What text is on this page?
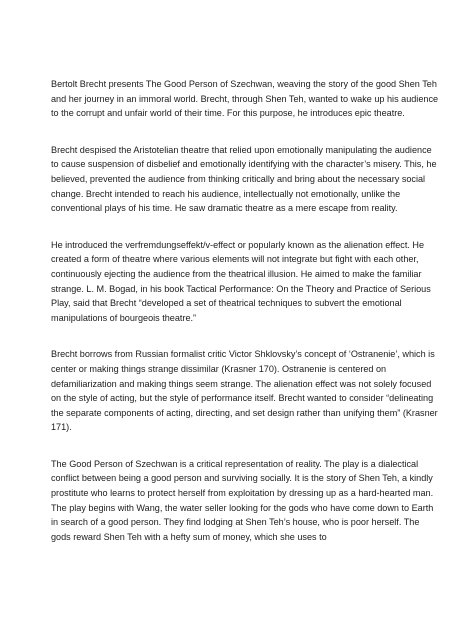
Bertolt Brecht presents The Good Person of Szechwan, weaving the story of the good Shen Teh and her journey in an immoral world. Brecht, through Shen Teh, wanted to wake up his audience to the corrupt and unfair world of their time. For this purpose, he introduces epic theatre.

Brecht despised the Aristotelian theatre that relied upon emotionally manipulating the audience to cause suspension of disbelief and emotionally identifying with the character’s misery. This, he believed, prevented the audience from thinking critically and bring about the necessary social change. Brecht intended to reach his audience, intellectually not emotionally, unlike the conventional plays of his time. He saw dramatic theatre as a mere escape from reality.

He introduced the verfremdungseffekt/v-effect or popularly known as the alienation effect. He created a form of theatre where various elements will not integrate but fight with each other, continuously ejecting the audience from the theatrical illusion. He aimed to make the familiar strange. L. M. Bogad, in his book Tactical Performance: On the Theory and Practice of Serious Play, said that Brecht “developed a set of theatrical techniques to subvert the emotional manipulations of bourgeois theatre.”

Brecht borrows from Russian formalist critic Victor Shklovsky’s concept of ‘Ostranenie’, which is center or making things strange dissimilar (Krasner 170). Ostranenie is centered on defamiliarization and making things seem strange. The alienation effect was not solely focused on the style of acting, but the style of performance itself. Brecht wanted to consider “delineating the separate components of acting, directing, and set design rather than unifying them” (Krasner 171).

The Good Person of Szechwan is a critical representation of reality. The play is a dialectical conflict between being a good person and surviving socially. It is the story of Shen Teh, a kindly prostitute who learns to protect herself from exploitation by dressing up as a hard-hearted man. The play begins with Wang, the water seller looking for the gods who have come down to Earth in search of a good person. They find lodging at Shen Teh’s house, who is poor herself. The gods reward Shen Teh with a hefty sum of money, which she uses to
